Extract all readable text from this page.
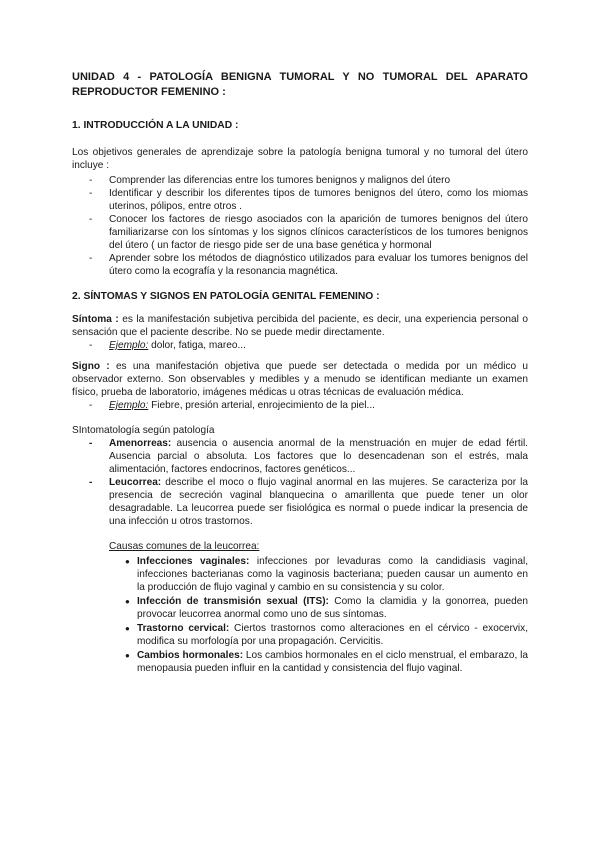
UNIDAD 4 - PATOLOGÍA BENIGNA TUMORAL Y NO TUMORAL DEL APARATO REPRODUCTOR FEMENINO :

1. INTRODUCCIÓN A LA UNIDAD :

Los objetivos generales de aprendizaje sobre la patología benigna tumoral y no tumoral del útero incluye :

- Comprender las diferencias entre los tumores benignos y malignos del útero
- Identificar y describir los diferentes tipos de tumores benignos del útero, como los miomas uterinos, pólipos, entre otros .
- Conocer los factores de riesgo asociados con la aparición de tumores benignos del útero familiarizarse con los síntomas y los signos clínicos característicos de los tumores benignos del útero ( un factor de riesgo pide ser de una base genética y hormonal
- Aprender sobre los métodos de diagnóstico utilizados para evaluar los tumores benignos del útero como la ecografía y la resonancia magnética.

2. SÍNTOMAS Y SIGNOS EN PATOLOGÍA GENITAL FEMENINO :

Síntoma : es la manifestación subjetiva percibida del paciente, es decir, una experiencia personal o sensación que el paciente describe. No se puede medir directamente.

- Ejemplo: dolor, fatiga, mareo...

Signo : es una manifestación objetiva que puede ser detectada o medida por un médico u observador externo. Son observables y medibles y a menudo se identifican mediante un examen físico, prueba de laboratorio, imágenes médicas u otras técnicas de evaluación médica.

- Ejemplo: Fiebre, presión arterial, enrojecimiento de la piel...

SIntomatología según patología

- Amenorreas: ausencia o ausencia anormal de la menstruación en mujer de edad fértil. Ausencia parcial o absoluta. Los factores que lo desencadenan son el estrés, mala alimentación, factores endocrinos, factores genéticos...
- Leucorrea: describe el moco o flujo vaginal anormal en las mujeres. Se caracteriza por la presencia de secreción vaginal blanquecina o amarillenta que puede tener un olor desagradable. La leucorrea puede ser fisiológica es normal o puede indicar la presencia de una infección u otros trastornos.

Causas comunes de la leucorrea:

● Infecciones vaginales: infecciones por levaduras como la candidiasis vaginal, infecciones bacterianas como la vaginosis bacteriana; pueden causar un aumento en la producción de flujo vaginal y cambio en su consistencia y su color.
● Infección de transmisión sexual (ITS): Como la clamidia y la gonorrea, pueden provocar leucorrea anormal como uno de sus síntomas.
● Trastorno cervical: Ciertos trastornos como alteraciones en el cérvico - exocervix, modifica su morfología por una propagación. Cervicitis.
● Cambios hormonales: Los cambios hormonales en el ciclo menstrual, el embarazo, la menopausia pueden influir en la cantidad y consistencia del flujo vaginal.
